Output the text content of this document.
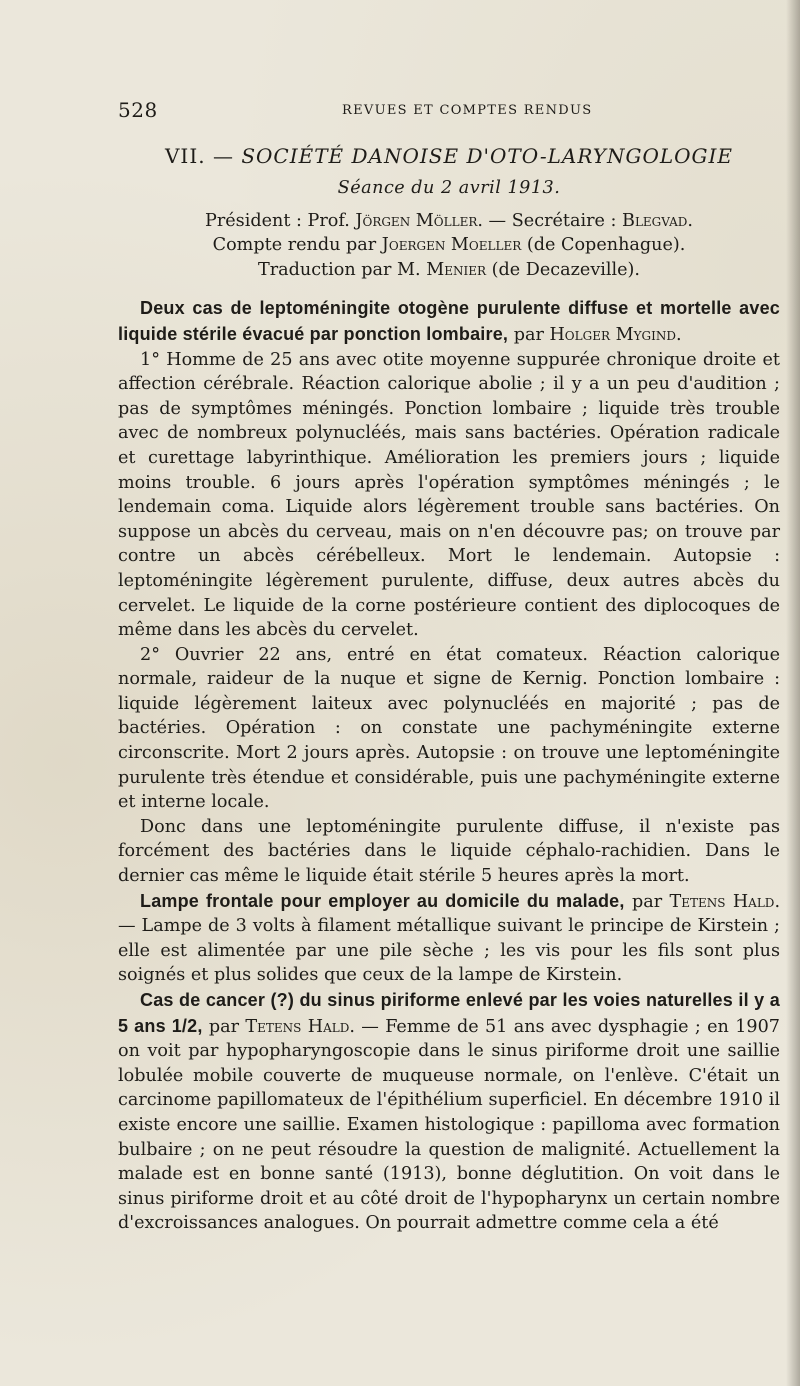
528	REVUES ET COMPTES RENDUS
VII. — SOCIÉTÉ DANOISE D'OTO-LARYNGOLOGIE
Séance du 2 avril 1913.

Président : Prof. Jörgen Möller. — Secrétaire : Blegvad.

Compte rendu par Joergen Moeller (de Copenhague).

Traduction par M. Menier (de Decazeville).

Deux cas de leptoméningite otogène purulente diffuse et mortelle avec liquide stérile évacué par ponction lombaire, par Holger Mygind.

1° Homme de 25 ans avec otite moyenne suppurée chronique droite et affection cérébrale. Réaction calorique abolie ; il y a un peu d'audition ; pas de symptômes méningés. Ponction lombaire ; liquide très trouble avec de nombreux polynucléés, mais sans bactéries. Opération radicale et curettage labyrinthique. Amélioration les premiers jours ; liquide moins trouble. 6 jours après l'opération symptômes méningés ; le lendemain coma. Liquide alors légèrement trouble sans bactéries. On suppose un abcès du cerveau, mais on n'en découvre pas; on trouve par contre un abcès cérébelleux. Mort le lendemain. Autopsie : leptoméningite légèrement purulente, diffuse, deux autres abcès du cervelet. Le liquide de la corne postérieure contient des diplocoques de même dans les abcès du cervelet.

2° Ouvrier 22 ans, entré en état comateux. Réaction calorique normale, raideur de la nuque et signe de Kernig. Ponction lombaire : liquide légèrement laiteux avec polynucléés en majorité ; pas de bactéries. Opération : on constate une pachyméningite externe circonscrite. Mort 2 jours après. Autopsie : on trouve une leptoméningite purulente très étendue et considérable, puis une pachyméningite externe et interne locale.

Donc dans une leptoméningite purulente diffuse, il n'existe pas forcément des bactéries dans le liquide céphalo-rachidien. Dans le dernier cas même le liquide était stérile 5 heures après la mort.

Lampe frontale pour employer au domicile du malade, par Tetens Hald. — Lampe de 3 volts à filament métallique suivant le principe de Kirstein ; elle est alimentée par une pile sèche ; les vis pour les fils sont plus soignés et plus solides que ceux de la lampe de Kirstein.

Cas de cancer (?) du sinus piriforme enlevé par les voies naturelles il y a 5 ans 1/2, par Tetens Hald. — Femme de 51 ans avec dysphagie ; en 1907 on voit par hypopharyngoscopie dans le sinus piriforme droit une saillie lobulée mobile couverte de muqueuse normale, on l'enlève. C'était un carcinome papillomateux de l'épithélium superficiel. En décembre 1910 il existe encore une saillie. Examen histologique : papilloma avec formation bulbaire ; on ne peut résoudre la question de malignité. Actuellement la malade est en bonne santé (1913), bonne déglutition. On voit dans le sinus piriforme droit et au côté droit de l'hypopharynx un certain nombre d'excroissances analogues. On pourrait admettre comme cela a été
